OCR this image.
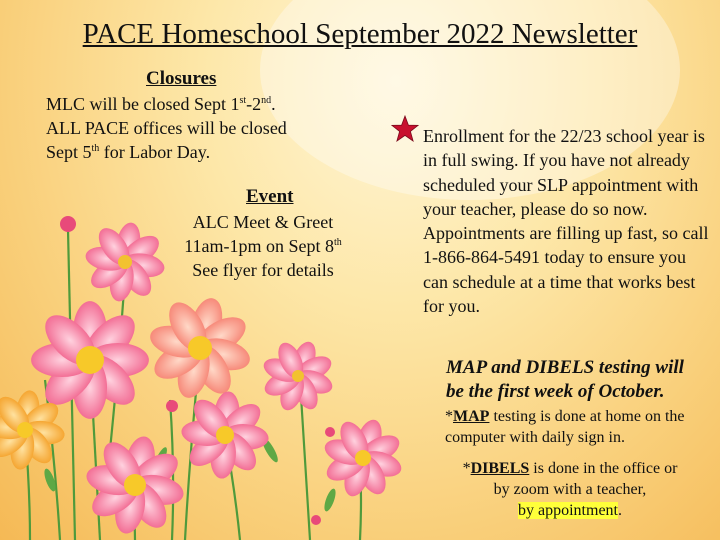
PACE Homeschool September 2022 Newsletter
Closures
MLC will be closed Sept 1st-2nd.
ALL PACE offices will be closed
Sept 5th for Labor Day.
Event
ALC Meet & Greet
11am-1pm on Sept 8th
See flyer for details
Enrollment for the 22/23 school year is in full swing. If you have not already scheduled your SLP appointment with your teacher, please do so now. Appointments are filling up fast, so call 1-866-864-5491 today to ensure you can schedule at a time that works best for you.
MAP and DIBELS testing will
be the first week of October.
*MAP testing is done at home on the computer with daily sign in.
*DIBELS is done in the office or
by zoom with a teacher,
by appointment.
